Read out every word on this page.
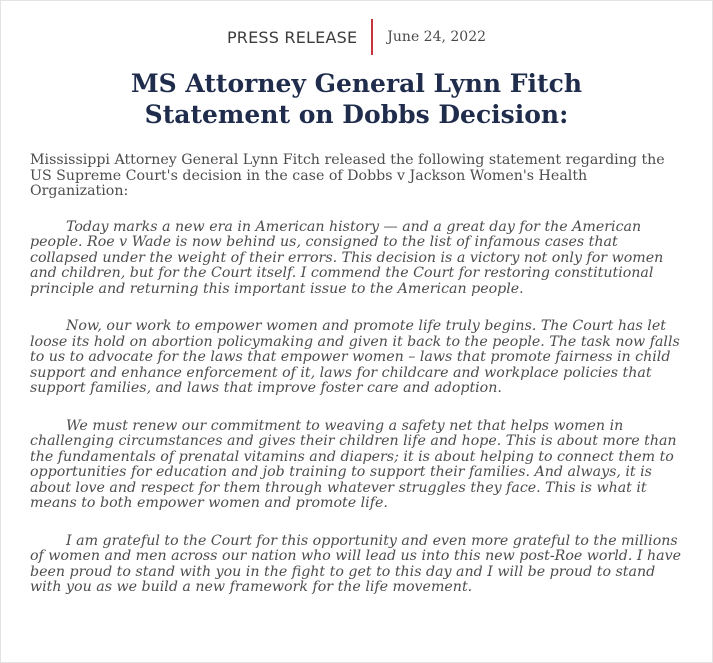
PRESS RELEASE	June 24, 2022
MS Attorney General Lynn Fitch
Statement on Dobbs Decision:

Mississippi Attorney General Lynn Fitch released the following statement regarding the US Supreme Court's decision in the case of Dobbs v Jackson Women's Health Organization:

Today marks a new era in American history — and a great day for the American people. Roe v Wade is now behind us, consigned to the list of infamous cases that collapsed under the weight of their errors. This decision is a victory not only for women and children, but for the Court itself. I commend the Court for restoring constitutional principle and returning this important issue to the American people.

Now, our work to empower women and promote life truly begins. The Court has let loose its hold on abortion policymaking and given it back to the people. The task now falls to us to advocate for the laws that empower women – laws that promote fairness in child support and enhance enforcement of it, laws for childcare and workplace policies that support families, and laws that improve foster care and adoption.

We must renew our commitment to weaving a safety net that helps women in challenging circumstances and gives their children life and hope. This is about more than the fundamentals of prenatal vitamins and diapers; it is about helping to connect them to opportunities for education and job training to support their families. And always, it is about love and respect for them through whatever struggles they face. This is what it means to both empower women and promote life.

I am grateful to the Court for this opportunity and even more grateful to the millions of women and men across our nation who will lead us into this new post-Roe world. I have been proud to stand with you in the fight to get to this day and I will be proud to stand with you as we build a new framework for the life movement.
